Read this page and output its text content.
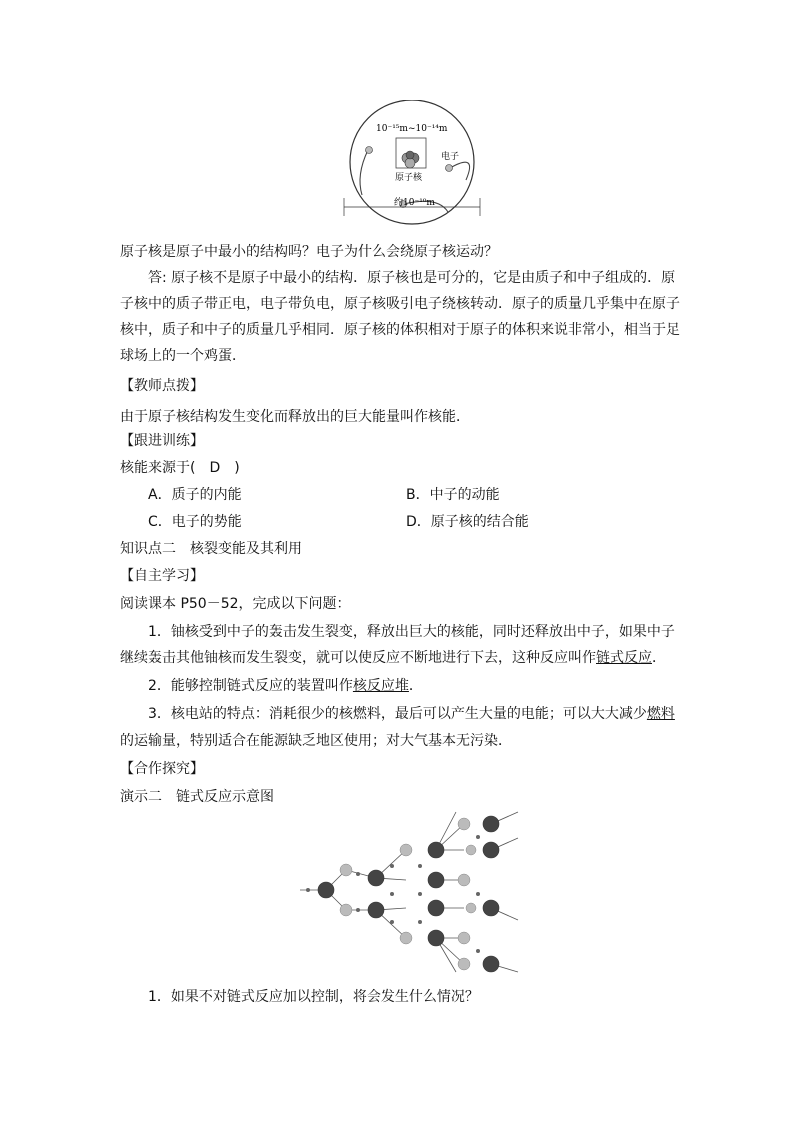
10⁻¹⁵m~10⁻¹⁴m
原子核
电子
约10⁻¹⁰m
原子核是原子中最小的结构吗？电子为什么会绕原子核运动？
答: 原子核不是原子中最小的结构．原子核也是可分的，它是由质子和中子组成的．原
子核中的质子带正电，电子带负电，原子核吸引电子绕核转动．原子的质量几乎集中在原子
核中，质子和中子的质量几乎相同．原子核的体积相对于原子的体积来说非常小，相当于足
球场上的一个鸡蛋．
【教师点拨】
由于原子核结构发生变化而释放出的巨大能量叫作核能．
【跟进训练】
核能来源于(　D　)
A．质子的内能	B．中子的动能
C．电子的势能	D．原子核的结合能
知识点二　核裂变能及其利用
【自主学习】
阅读课本 P50－52，完成以下问题：
1．铀核受到中子的轰击发生裂变，释放出巨大的核能，同时还释放出中子，如果中子
继续轰击其他铀核而发生裂变，就可以使反应不断地进行下去，这种反应叫作链式反应．
2．能够控制链式反应的装置叫作核反应堆．
3．核电站的特点：消耗很少的核燃料，最后可以产生大量的电能；可以大大减少燃料
的运输量，特别适合在能源缺乏地区使用；对大气基本无污染．
【合作探究】
演示二　链式反应示意图
1．如果不对链式反应加以控制，将会发生什么情况？
